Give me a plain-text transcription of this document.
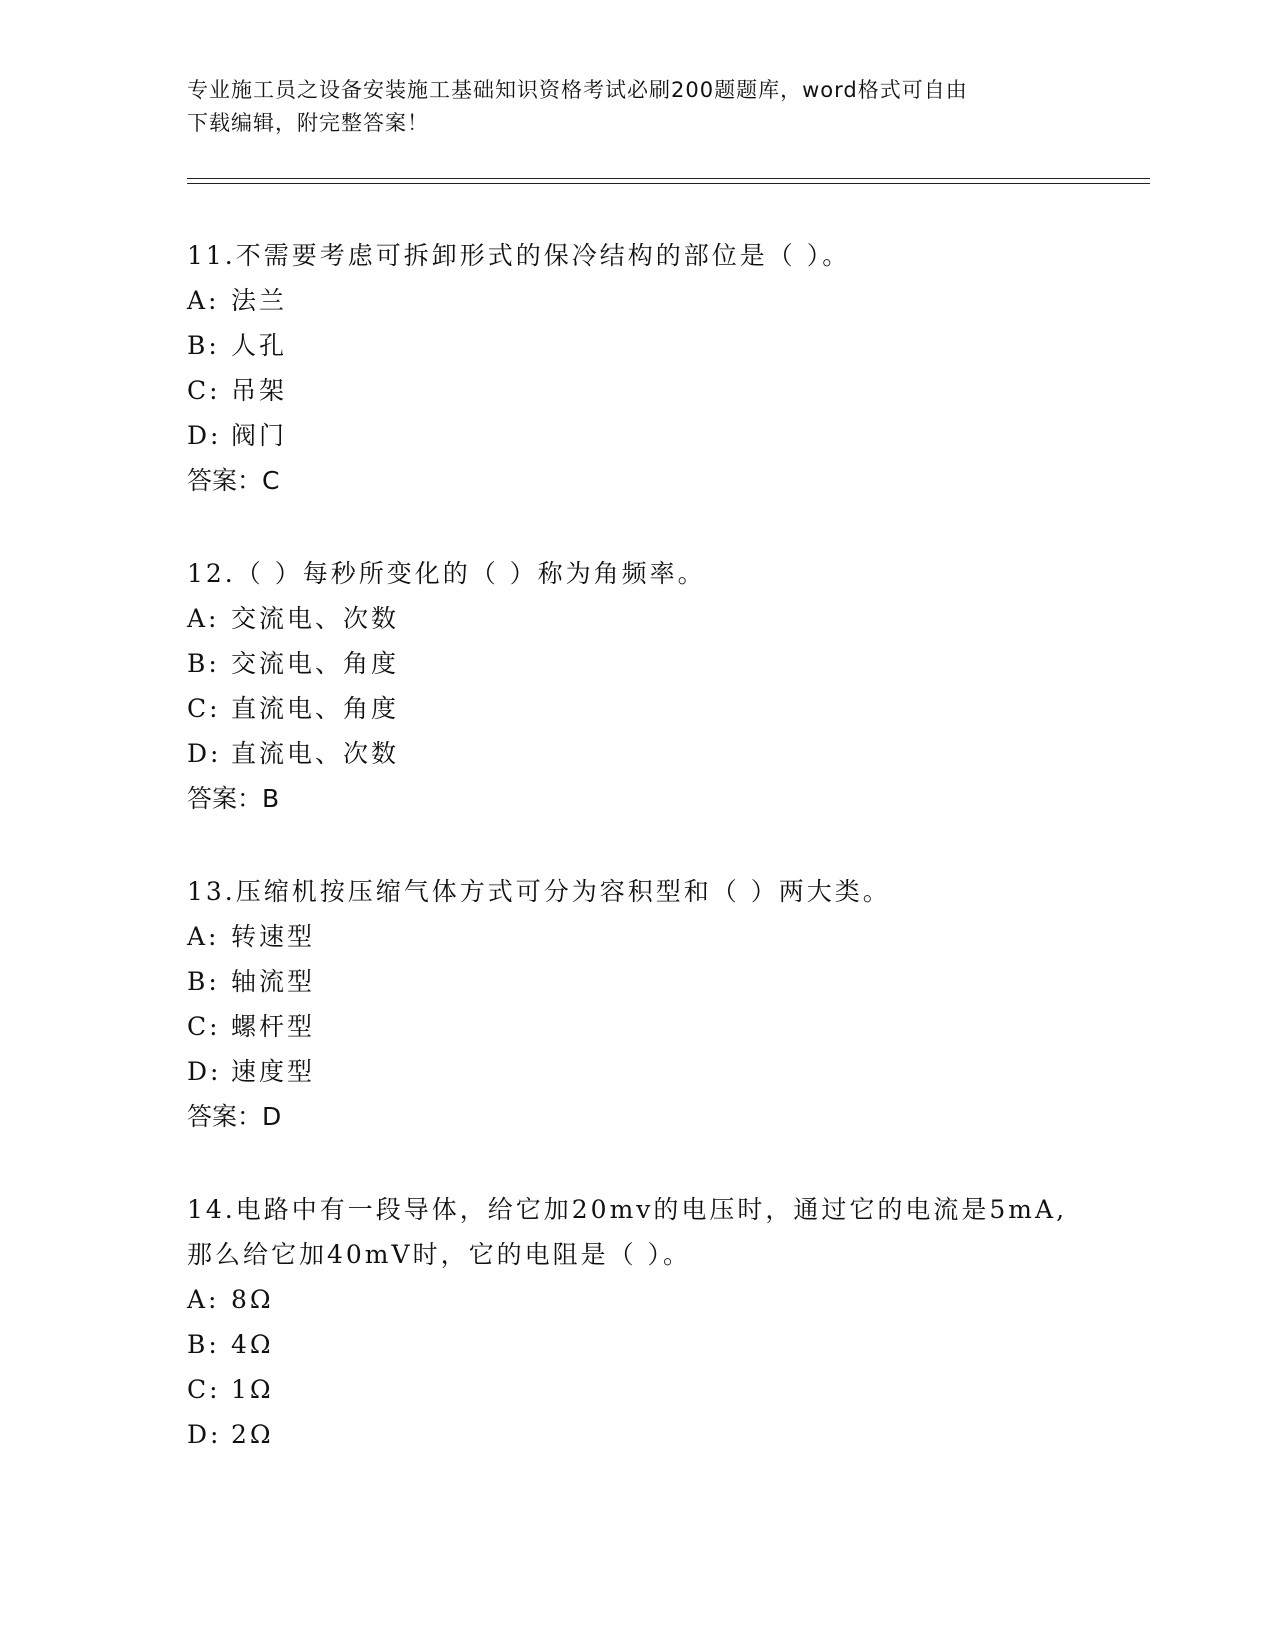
专业施工员之设备安装施工基础知识资格考试必刷200题题库，word格式可自由
下载编辑，附完整答案！
11.不需要考虑可拆卸形式的保冷结构的部位是（ ）。
A: 法兰
B: 人孔
C: 吊架
D: 阀门
答案：C
12.（ ）每秒所变化的（ ）称为角频率。
A: 交流电、次数
B: 交流电、角度
C: 直流电、角度
D: 直流电、次数
答案：B
13.压缩机按压缩气体方式可分为容积型和（ ）两大类。
A: 转速型
B: 轴流型
C: 螺杆型
D: 速度型
答案：D
14.电路中有一段导体，给它加20mv的电压时，通过它的电流是5mA,
那么给它加40mV时，它的电阻是（ ）。
A: 8Ω
B: 4Ω
C: 1Ω
D: 2Ω
